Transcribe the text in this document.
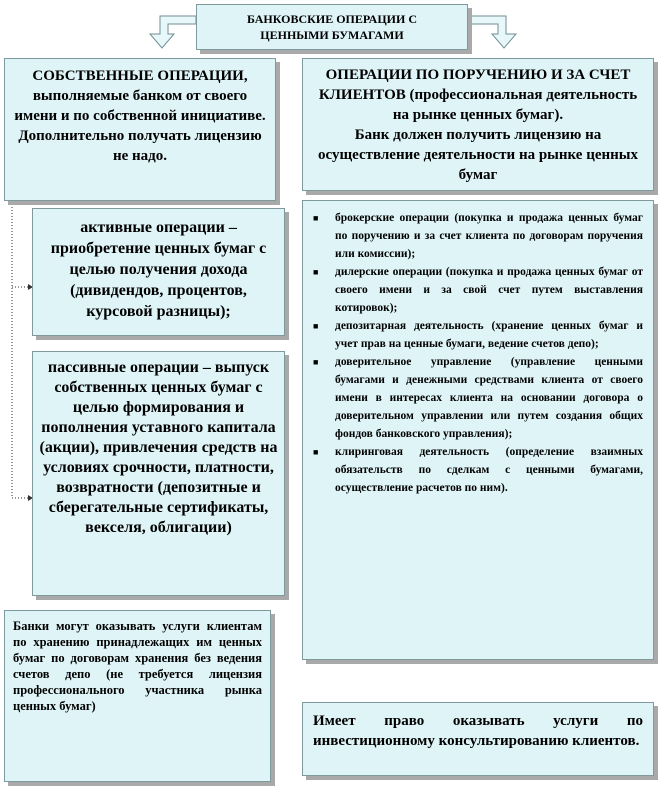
БАНКОВСКИЕ ОПЕРАЦИИ С
ЦЕННЫМИ БУМАГАМИ
СОБСТВЕННЫЕ ОПЕРАЦИИ, выполняемые банком от своего имени и по собственной инициативе.
Дополнительно получать лицензию не надо.
ОПЕРАЦИИ ПО ПОРУЧЕНИЮ И ЗА СЧЕТ КЛИЕНТОВ (профессиональная деятельность на рынке ценных бумаг).
Банк должен получить лицензию на осуществление деятельности на рынке ценных бумаг
активные операции – приобретение ценных бумаг с целью получения дохода (дивидендов, процентов, курсовой разницы);
пассивные операции – выпуск собственных ценных бумаг с целью формирования и пополнения уставного капитала (акции), привлечения средств на условиях срочности, платности, возвратности (депозитные и сберегательные сертификаты, векселя, облигации)
■ брокерские операции (покупка и продажа ценных бумаг по поручению и за счет клиента по договорам поручения или комиссии);
■ дилерские операции (покупка и продажа ценных бумаг от своего имени и за свой счет путем выставления котировок);
■ депозитарная деятельность (хранение ценных бумаг и учет прав на ценные бумаги, ведение счетов депо);
■ доверительное управление (управление ценными бумагами и денежными средствами клиента от своего имени в интересах клиента на основании договора о доверительном управлении или путем создания общих фондов банковского управления);
■ клиринговая деятельность (определение взаимных обязательств по сделкам с ценными бумагами, осуществление расчетов по ним).
Банки могут оказывать услуги клиентам по хранению принадлежащих им ценных бумаг по договорам хранения без ведения счетов депо (не требуется лицензия профессионального участника рынка ценных бумаг)
Имеет право оказывать услуги по инвестиционному консультированию клиентов.
